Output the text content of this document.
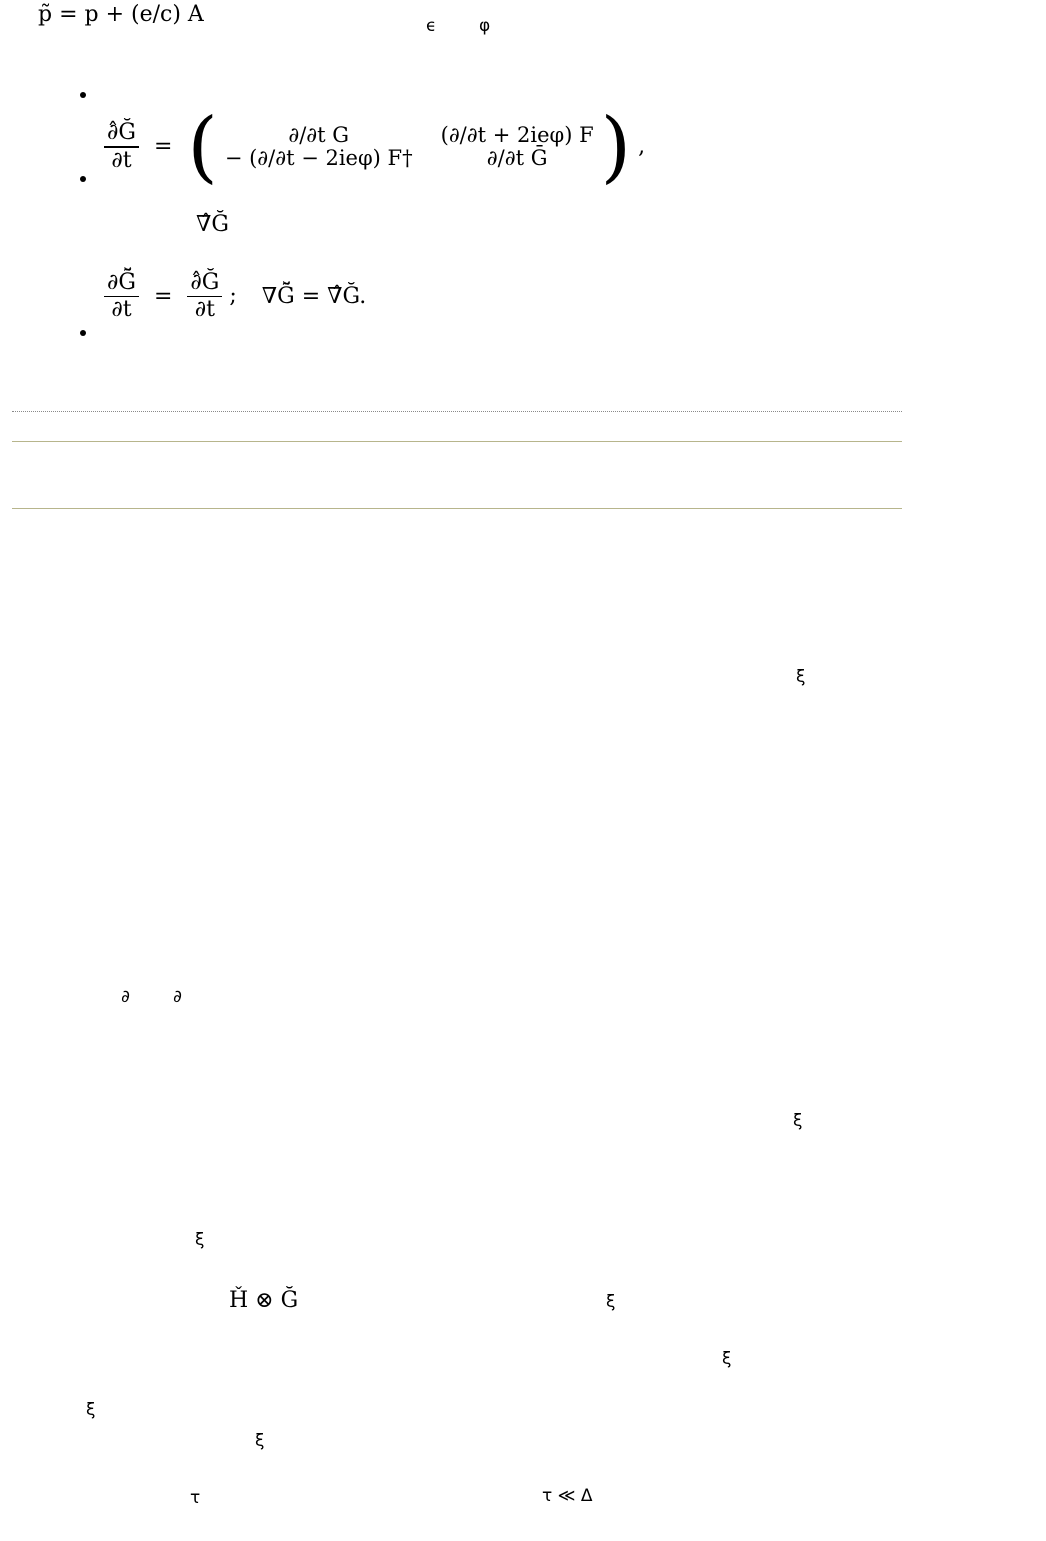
p̃ = p + (e/c) A	ϵ	φ
$\frac{\partial̂Ğ}{\partial t}$ = (	∂/∂t G	(∂/∂t + 2ieφ) F
− (∂/∂t − 2ieφ) F†	∂/∂t Ḡ ) ,
∇̂Ğ
$\frac{\partial G̃̆}{\partial t} = \frac{\partial̂Ğ}{\partial t}$ ; ∇G̃̆ = ∇̂Ğ.
ξ
∂	∂
ξ
ξ
Ȟ ⊗ Ğ	ξ
ξ
ξ
ξ
τ	τ ≪ Δ
